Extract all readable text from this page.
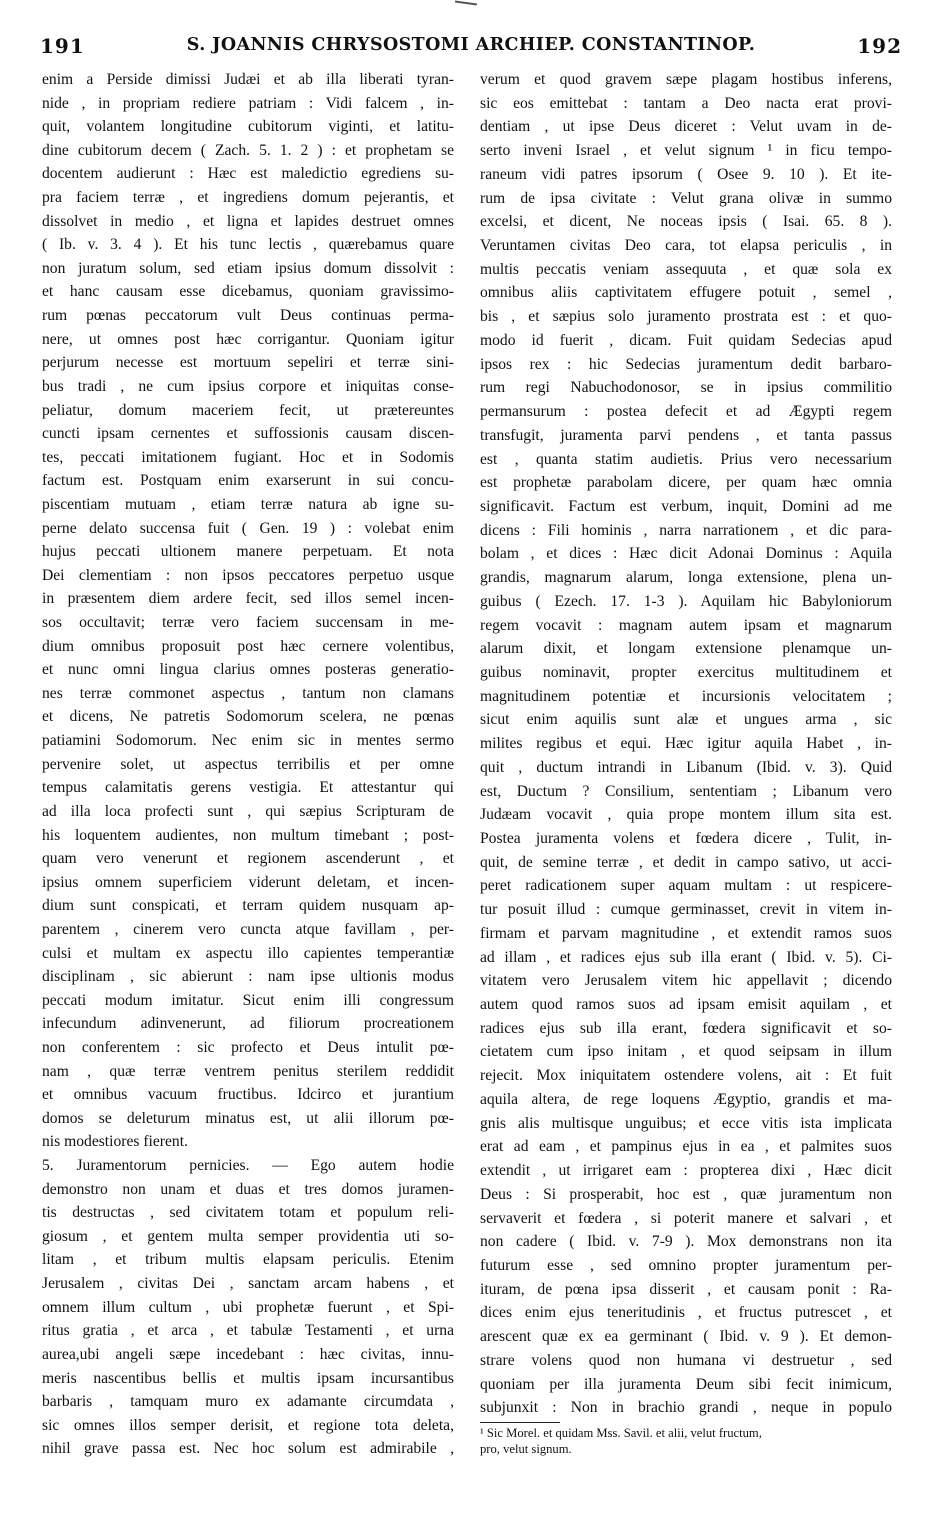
191	S. JOANNIS CHRYSOSTOMI ARCHIEP. CONSTANTINOP.	192
enim a Perside dimissi Judæi et ab illa liberati tyran-
nide , in propriam rediere patriam : Vidi falcem , in-
quit, volantem longitudine cubitorum viginti, et latitu-
dine cubitorum decem ( Zach. 5. 1. 2 ) : et prophetam se
docentem audierunt : Hæc est maledictio egrediens su-
pra faciem terræ , et ingrediens domum pejerantis, et
dissolvet in medio , et ligna et lapides destruet omnes
( Ib. v. 3. 4 ). Et his tunc lectis , quærebamus quare
non juratum solum, sed etiam ipsius domum dissolvit :
et hanc causam esse dicebamus, quoniam gravissimo-
rum pœnas peccatorum vult Deus continuas perma-
nere, ut omnes post hæc corrigantur. Quoniam igitur
perjurum necesse est mortuum sepeliri et terræ sini-
bus tradi , ne cum ipsius corpore et iniquitas conse-
peliatur, domum maceriem fecit, ut prætereuntes
cuncti ipsam cernentes et suffossionis causam discen-
tes, peccati imitationem fugiant. Hoc et in Sodomis
factum est. Postquam enim exarserunt in sui concu-
piscentiam mutuam , etiam terræ natura ab igne su-
perne delato succensa fuit ( Gen. 19 ) : volebat enim
hujus peccati ultionem manere perpetuam. Et nota
Dei clementiam : non ipsos peccatores perpetuo usque
in præsentem diem ardere fecit, sed illos semel incen-
sos occultavit; terræ vero faciem succensam in me-
dium omnibus proposuit post hæc cernere volentibus,
et nunc omni lingua clarius omnes posteras generatio-
nes terræ commonet aspectus , tantum non clamans
et dicens, Ne patretis Sodomorum scelera, ne pœnas
patiamini Sodomorum. Nec enim sic in mentes sermo
pervenire solet, ut aspectus terribilis et per omne
tempus calamitatis gerens vestigia. Et attestantur qui
ad illa loca profecti sunt , qui sæpius Scripturam de
his loquentem audientes, non multum timebant ; post-
quam vero venerunt et regionem ascenderunt , et
ipsius omnem superficiem viderunt deletam, et incen-
dium sunt conspicati, et terram quidem nusquam ap-
parentem , cinerem vero cuncta atque favillam , per-
culsi et multam ex aspectu illo capientes temperantiæ
disciplinam , sic abierunt : nam ipse ultionis modus
peccati modum imitatur. Sicut enim illi congressum
infecundum adinvenerunt, ad filiorum procreationem
non conferentem : sic profecto et Deus intulit pœ-
nam , quæ terræ ventrem penitus sterilem reddidit
et omnibus vacuum fructibus. Idcirco et jurantium
domos se deleturum minatus est, ut alii illorum pœ-
nis modestiores fierent.
5. Juramentorum pernicies. — Ego autem hodie
demonstro non unam et duas et tres domos juramen-
tis destructas , sed civitatem totam et populum reli-
giosum , et gentem multa semper providentia uti so-
litam , et tribum multis elapsam periculis. Etenim
Jerusalem , civitas Dei , sanctam arcam habens , et
omnem illum cultum , ubi prophetæ fuerunt , et Spi-
ritus gratia , et arca , et tabulæ Testamenti , et urna
aurea,ubi angeli sæpe incedebant : hæc civitas, innu-
meris nascentibus bellis et multis ipsam incursantibus
barbaris , tamquam muro ex adamante circumdata ,
sic omnes illos semper derisit, et regione tota deleta,
nihil grave passa est. Nec hoc solum est admirabile ,
verum et quod gravem sæpe plagam hostibus inferens,
sic eos emittebat : tantam a Deo nacta erat provi-
dentiam , ut ipse Deus diceret : Velut uvam in de-
serto inveni Israel , et velut signum ¹ in ficu tempo-
raneum vidi patres ipsorum ( Osee 9. 10 ). Et ite-
rum de ipsa civitate : Velut grana olivæ in summo
excelsi, et dicent, Ne noceas ipsis ( Isai. 65. 8 ).
Veruntamen civitas Deo cara, tot elapsa periculis , in
multis peccatis veniam assequuta , et quæ sola ex
omnibus aliis captivitatem effugere potuit , semel ,
bis , et sæpius solo juramento prostrata est : et quo-
modo id fuerit , dicam. Fuit quidam Sedecias apud
ipsos rex : hic Sedecias juramentum dedit barbaro-
rum regi Nabuchodonosor, se in ipsius commilitio
permansurum : postea defecit et ad Ægypti regem
transfugit, juramenta parvi pendens , et tanta passus
est , quanta statim audietis. Prius vero necessarium
est prophetæ parabolam dicere, per quam hæc omnia
significavit. Factum est verbum, inquit, Domini ad me
dicens : Fili hominis , narra narrationem , et dic para-
bolam , et dices : Hæc dicit Adonai Dominus : Aquila
grandis, magnarum alarum, longa extensione, plena un-
guibus ( Ezech. 17. 1-3 ). Aquilam hic Babyloniorum
regem vocavit : magnam autem ipsam et magnarum
alarum dixit, et longam extensione plenamque un-
guibus nominavit, propter exercitus multitudinem et
magnitudinem potentiæ et incursionis velocitatem ;
sicut enim aquilis sunt alæ et ungues arma , sic
milites regibus et equi. Hæc igitur aquila Habet , in-
quit , ductum intrandi in Libanum (Ibid. v. 3). Quid
est, Ductum ? Consilium, sententiam ; Libanum vero
Judæam vocavit , quia prope montem illum sita est.
Postea juramenta volens et fœdera dicere , Tulit, in-
quit, de semine terræ , et dedit in campo sativo, ut acci-
peret radicationem super aquam multam : ut respicere-
tur posuit illud : cumque germinasset, crevit in vitem in-
firmam et parvam magnitudine , et extendit ramos suos
ad illam , et radices ejus sub illa erant ( Ibid. v. 5). Ci-
vitatem vero Jerusalem vitem hic appellavit ; dicendo
autem quod ramos suos ad ipsam emisit aquilam , et
radices ejus sub illa erant, fœdera significavit et so-
cietatem cum ipso initam , et quod seipsam in illum
rejecit. Mox iniquitatem ostendere volens, ait : Et fuit
aquila altera, de rege loquens Ægyptio, grandis et ma-
gnis alis multisque unguibus; et ecce vitis ista implicata
erat ad eam , et pampinus ejus in ea , et palmites suos
extendit , ut irrigaret eam : propterea dixi , Hæc dicit
Deus : Si prosperabit, hoc est , quæ juramentum non
servaverit et fœdera , si poterit manere et salvari , et
non cadere ( Ibid. v. 7-9 ). Mox demonstrans non ita
futurum esse , sed omnino propter juramentum per-
ituram, de pœna ipsa disserit , et causam ponit : Ra-
dices enim ejus teneritudinis , et fructus putrescet , et
arescent quæ ex ea germinant ( Ibid. v. 9 ). Et demon-
strare volens quod non humana vi destruetur , sed
quoniam per illa juramenta Deum sibi fecit inimicum,
subjunxit : Non in brachio grandi , neque in populo
¹ Sic Morel. et quidam Mss. Savil. et alii, velut fructum,
pro, velut signum.
